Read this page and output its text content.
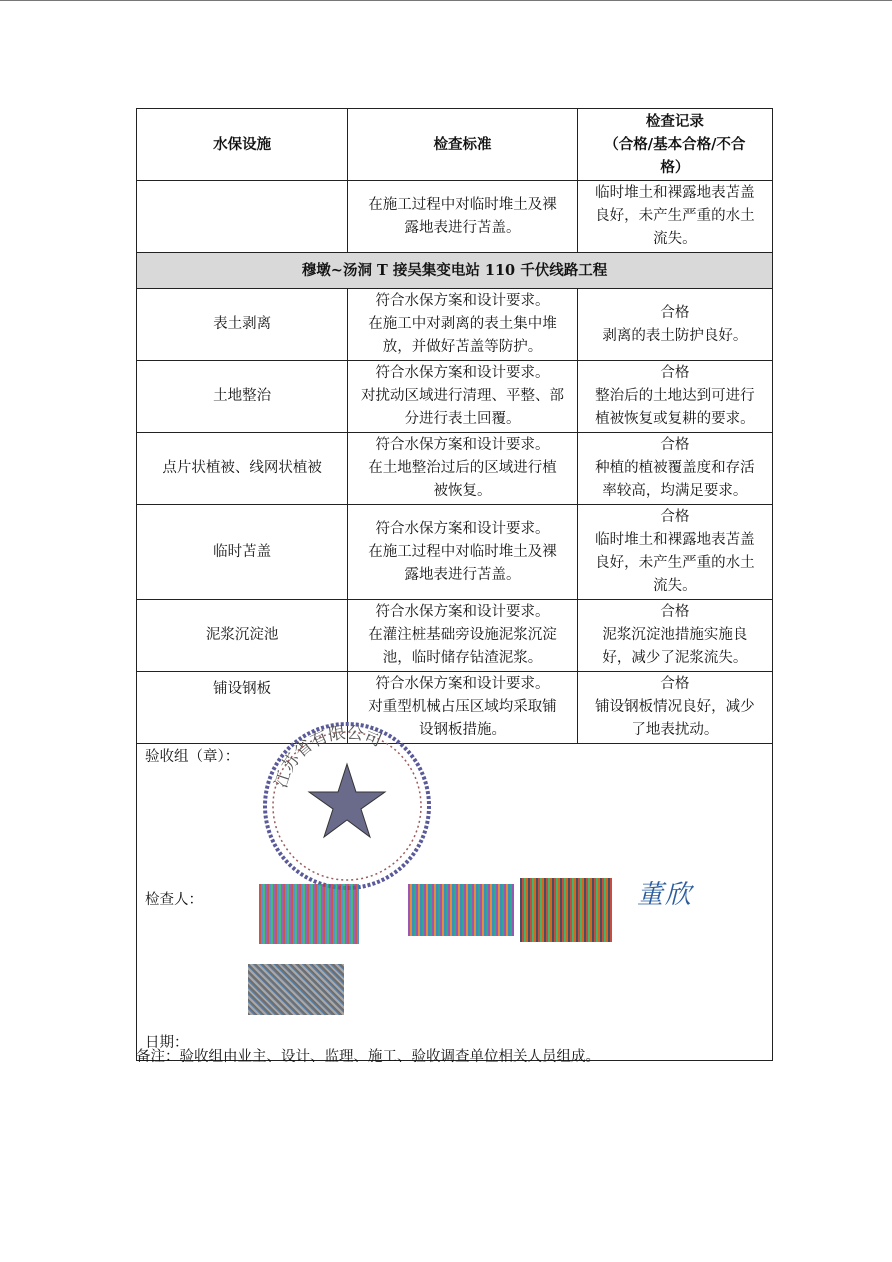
水保设施	检查标准	检查记录
（合格/基本合格/不合
格）

	在施工过程中对临时堆土及裸
露地表进行苫盖。	临时堆土和裸露地表苫盖
良好，未产生严重的水土
流失。

穆墩~汤洞 T 接吴集变电站 110 千伏线路工程		
表土剥离	符合水保方案和设计要求。
在施工中对剥离的表土集中堆
放，并做好苫盖等防护。	合格
剥离的表土防护良好。

土地整治	符合水保方案和设计要求。
对扰动区域进行清理、平整、部
分进行表土回覆。	合格
整治后的土地达到可进行
植被恢复或复耕的要求。

点片状植被、线网状植被	符合水保方案和设计要求。
在土地整治过后的区域进行植
被恢复。	合格
种植的植被覆盖度和存活
率较高，均满足要求。

临时苫盖	符合水保方案和设计要求。
在施工过程中对临时堆土及裸
露地表进行苫盖。	合格
临时堆土和裸露地表苫盖
良好，未产生严重的水土
流失。

泥浆沉淀池	符合水保方案和设计要求。
在灌注桩基础旁设施泥浆沉淀
池，临时储存钻渣泥浆。	合格
泥浆沉淀池措施实施良
好，减少了泥浆流失。

铺设钢板	符合水保方案和设计要求。
对重型机械占压区域均采取铺
设钢板措施。	合格
铺设钢板情况良好，减少
了地表扰动。

验收组（章）：
江苏省有限公司
检查人： 董欣
日期：		
备注：验收组由业主、设计、监理、施工、验收调查单位相关人员组成。
